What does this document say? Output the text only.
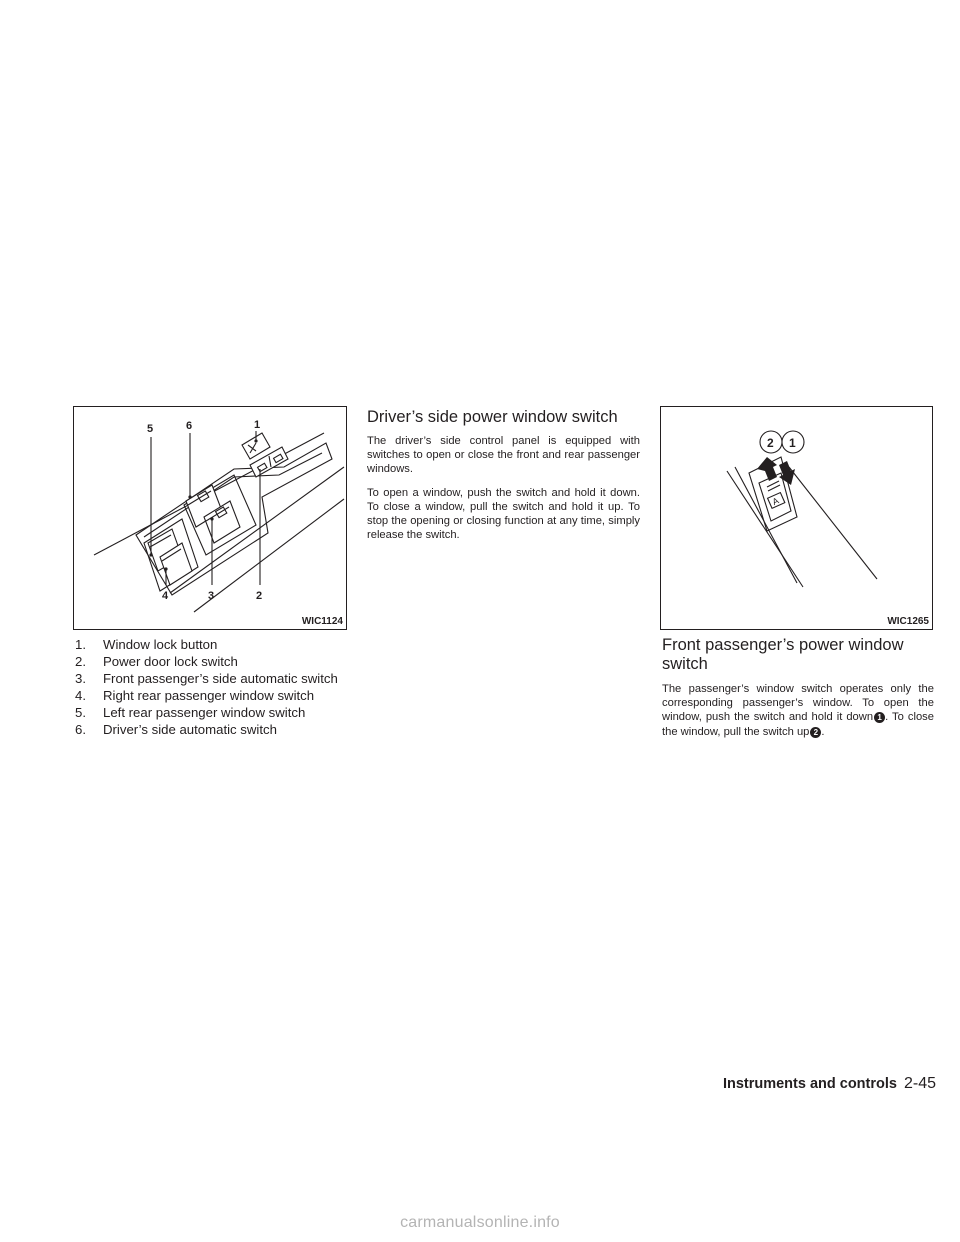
5	6	1
4	3	2
WIC1124
2 1
A
WIC1265
1.	Window lock button
2.	Power door lock switch
3.	Front passenger’s side automatic switch
4.	Right rear passenger window switch
5.	Left rear passenger window switch
6.	Driver’s side automatic switch
Driver’s side power window switch

The driver’s side control panel is equipped with switches to open or close the front and rear passenger windows.

To open a window, push the switch and hold it down. To close a window, pull the switch and hold it up. To stop the opening or closing function at any time, simply release the switch.

Front passenger’s power window switch

The passenger’s window switch operates only the corresponding passenger’s window. To open the window, push the switch and hold it down 1 . To close the window, pull the switch up 2 .

Instruments and controls 2-45
carmanualsonline.info
